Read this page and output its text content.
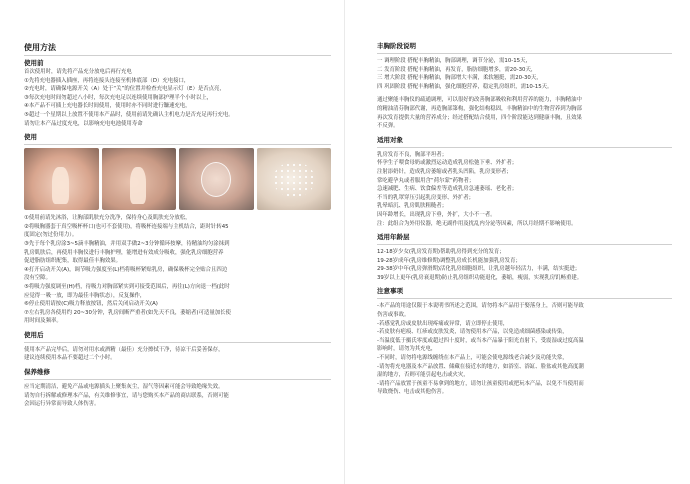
使用方法
使用前
首次使用时，请先将产品充分放电后再行充电
①先将充电器插入插座，再将连接头连接至机体底部（D）充电接口，
②充电时，请确保电源开关（A）处于“关”的位置并检查充电显示灯（E）是否点亮，
③每次充电时间勿超过八小时，每次充电足以连续使用胸部护理半个小时以上，
④本产品不可插上充电器长时间使用，使用时亦不同时进行镰速充电，
⑤超过一个星期以上放置不使用本产品时，使用前请先确认主机电力是否充足再行充电。
请勿让本产品过度充电，以影响充电电池使用寿命
使用
①使用前请先沐浴，让胸部肌肤充分洗净，保持身心及肌肤充分放松，
②将吸胸器套于真空吸杯杯口(也可不套使用)，将吸杯连接端与主机结合，距时针转45
度固定(勿过份用力）。
③先于每个乳房涂3~5滴丰胸精油，并用双手做2~3分钟循环按摩，待精油均匀涂抹到
乳房肌肤后，再使用丰胸仪进行丰胸护理，能增进有效成分吸收，强化乳房细胞营养
促进脂肪组织配集，取得最佳丰胸效果。
④打开启动开关(A)，调节吸力强度至(L)档将吸杯紧贴乳房，确保吸杯完全贴合且四边
没有空隙。
⑤将吸力强度调至(H)档，待吸力对胸部紧实到可接受范围后，再往(L)方向退一档(此时
应觉得一吸一放，即为最佳丰胸状态），反复操作，
⑥停止使用请按(C)吸力释放按钮，然后关闭启动开关(A)
⑦左右乳房各使用约 20~30分钟，乳房间断严重者(如先天不良，萎缩者)可适量加长使
用时间及频率。
使用后
使用本产品完毕后，请勿对用水或酒精（最佳）充分擦拭干净，待凉干后妥善保存，
建议连续使用本品不要超过二个小时。
保养维修
应当定期清洁，避免产品或电源插头上聚集灰尘，湿气等因素可能会导致绝缘失效。
请勿自行拆解或修理本产品，有关维修事宜，请与您购买本产品的商店联系，否则可能
会因运行异常而导致人体伤害。
丰胸阶段说明
一 调理阶段 搭配丰胸精油，胸部调理，调节分泌，需10-15天，
二 发育阶段 搭配丰胸精油，再发育，脂肪细胞增多，需20-30天，
三 增大阶段 搭配丰胸精油，胸部增大丰满，柔软翘挺，需20-30天，
四 巩固阶段 搭配丰胸精油，强化细胞营养，稳定乳房组织，需10-15天。
通过聚能丰胸仪的疏通调理，可以很好的改善胸部吸收和利用营养的能力，丰胸精油中
的精油清芬胸部代谢，再造胸部第构，强化结构稳固，丰胸精油中的生物营养到为胸部
再次发育提供大量的营养成分；经过搭配结合使用，四个阶段能达到健康丰胸，且效果
不反弹。
适用对象
乳房发育不良，胸部平坦者；
怀孕生子喂食母奶或激烈运动造成乳房松弛下垂、外扩者；
注射添奶针，造成乳房萎缩或者乳头凹陷，乳房变形者；
常吃避孕丸或者服用含“荷尔蒙”药物者；
急速减肥、生病、饮食偏差等造成乳房急速萎瑶、老化者；
不当的乳罩穿压引起乳房变形、外扩者；
乳晕暗沉、乳房肌肤粗糙者；
因年龄增长，出现乳房下垂，外扩，大小不一者。
注：此组合为外用仪器，绝无副作用及扰乱内分泌等因素，所以月经期不影响使用。
适用年龄层
12-18岁少女(乳房发育期)帮助乳房得到充分的发育；
19-28岁成年(乳房维修期)调整乳房成长机能加强乳房发育；
29-38岁中年(乳房弹滑期)活化乳房细胞组织，让乳房越年轻活力，丰满，结实挺进；
39岁以上更年(乳房衰退期)防止乳房组织功能退化，萎缩，瘦弱，实现乳房饥畅重建。
注意事项
-本产品的用途仅限于本说明书所述之范围，请勿将本产品用于娶落身上，否则可能导致
伤害或事故。
-若感觉乳房或皮肤出现疼痛或异常，请立即停止使用，
-若皮肤有疤痕、红疹或皮肤发炎，请勿使用本产品，以免造成细菌感染或传染，
-当温度低于摄氏零度或超过四十度时，或当本产品暴于阳光直射下，受震湿或过度高温
影响时，请勿为其充电，
-不同时，请勿将电源线缠绕在本产品上，可能会使电源线老合减少及功能失常，
-请勿将充电器及本产品放置、储藏在接近水的地方，如浴室、浴缸、脸盆或其他高度潮
湿的地方，否则可能引起电击或火灾，
-请将产品放置于孩童不易拿到的地方，请勿让孩童使用或把玩本产品，以免不当使用而
导致烧伤、电击或其他伤害。
